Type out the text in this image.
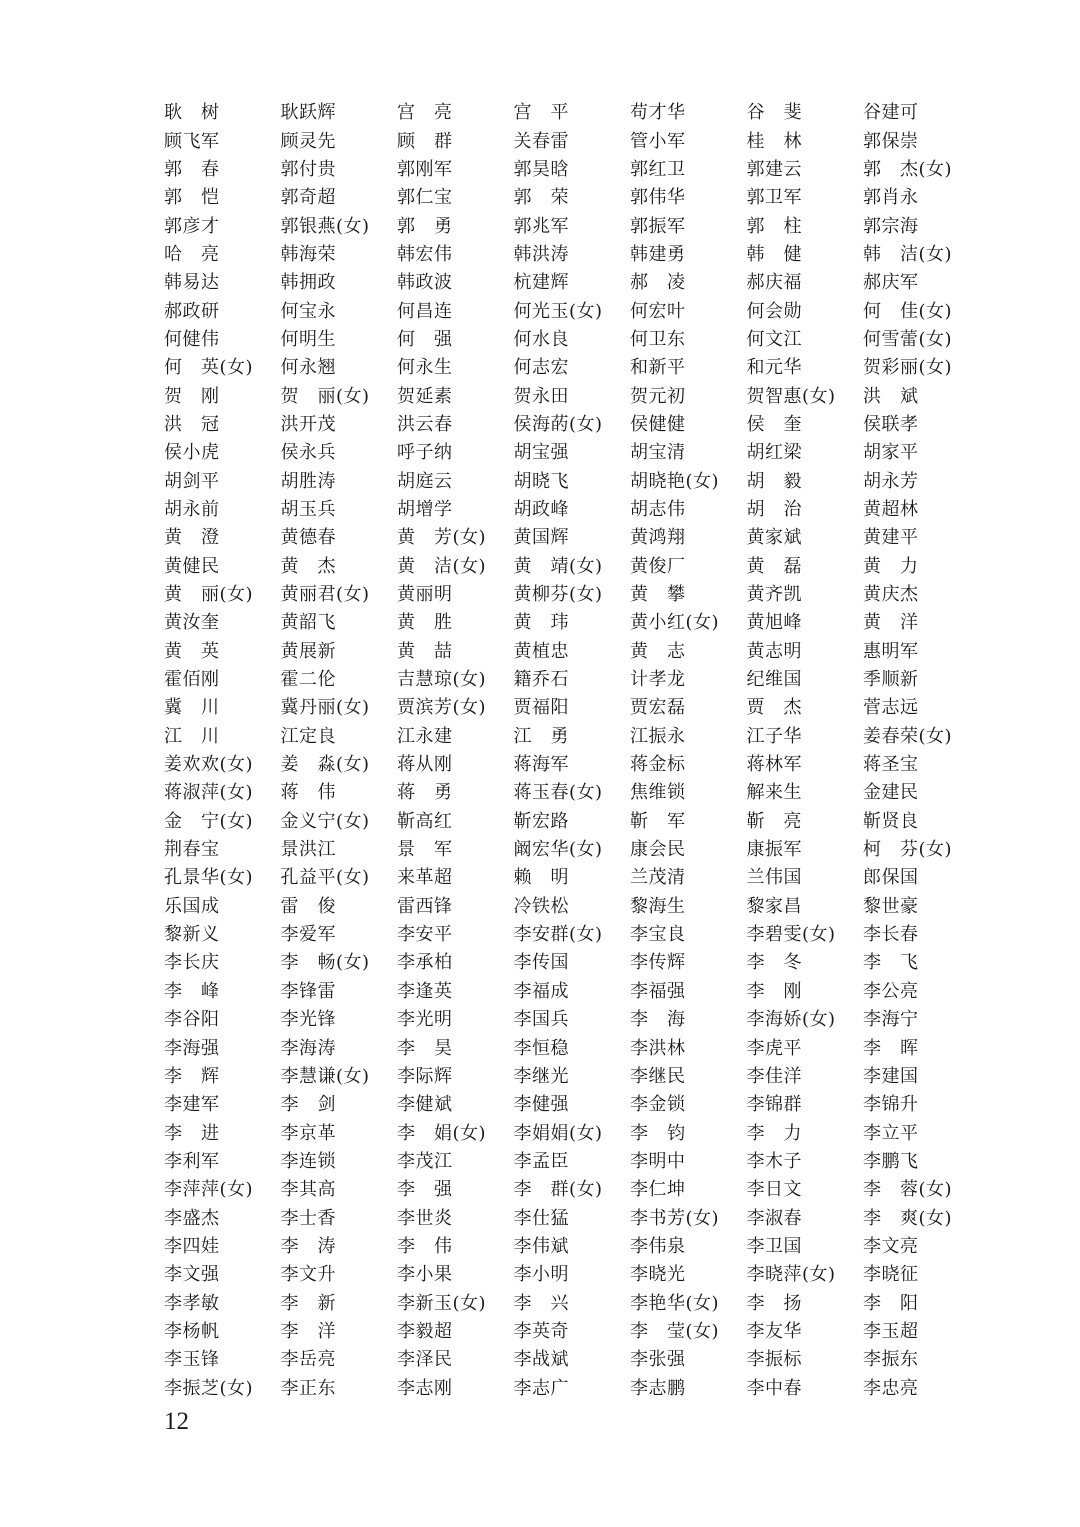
耿　树	耿跃辉	宫　亮	宫　平	苟才华	谷　斐	谷建可
顾飞军	顾灵先	顾　群	关春雷	管小军	桂　林	郭保崇
郭　春	郭付贵	郭刚军	郭昊晗	郭红卫	郭建云	郭　杰(女)
郭　恺	郭奇超	郭仁宝	郭　荣	郭伟华	郭卫军	郭肖永
郭彦才	郭银燕(女)	郭　勇	郭兆军	郭振军	郭　柱	郭宗海
哈　亮	韩海荣	韩宏伟	韩洪涛	韩建勇	韩　健	韩　洁(女)
韩易达	韩拥政	韩政波	杭建辉	郝　凌	郝庆福	郝庆军
郝政研	何宝永	何昌连	何光玉(女)	何宏叶	何会勋	何　佳(女)
何健伟	何明生	何　强	何水良	何卫东	何文江	何雪蕾(女)
何　英(女)	何永翘	何永生	何志宏	和新平	和元华	贺彩丽(女)
贺　刚	贺　丽(女)	贺延素	贺永田	贺元初	贺智惠(女)	洪　斌
洪　冠	洪开茂	洪云春	侯海菂(女)	侯健健	侯　奎	侯联孝
侯小虎	侯永兵	呼子纳	胡宝强	胡宝清	胡红梁	胡家平
胡剑平	胡胜涛	胡庭云	胡晓飞	胡晓艳(女)	胡　毅	胡永芳
胡永前	胡玉兵	胡增学	胡政峰	胡志伟	胡　治	黄超林
黄　澄	黄德春	黄　芳(女)	黄国辉	黄鸿翔	黄家斌	黄建平
黄健民	黄　杰	黄　洁(女)	黄　靖(女)	黄俊厂	黄　磊	黄　力
黄　丽(女)	黄丽君(女)	黄丽明	黄柳芬(女)	黄　攀	黄齐凯	黄庆杰
黄汝奎	黄韶飞	黄　胜	黄　玮	黄小红(女)	黄旭峰	黄　洋
黄　英	黄展新	黄　喆	黄植忠	黄　志	黄志明	惠明军
霍佰刚	霍二伦	吉慧琼(女)	籍乔石	计孝龙	纪维国	季顺新
冀　川	冀丹丽(女)	贾滨芳(女)	贾福阳	贾宏磊	贾　杰	菅志远
江　川	江定良	江永建	江　勇	江振永	江子华	姜春荣(女)
姜欢欢(女)	姜　淼(女)	蒋从刚	蒋海军	蒋金标	蒋林军	蒋圣宝
蒋淑萍(女)	蒋　伟	蒋　勇	蒋玉春(女)	焦维锁	解来生	金建民
金　宁(女)	金义宁(女)	靳高红	靳宏路	靳　军	靳　亮	靳贤良
荆春宝	景洪江	景　军	阚宏华(女)	康会民	康振军	柯　芬(女)
孔景华(女)	孔益平(女)	来革超	赖　明	兰茂清	兰伟国	郎保国
乐国成	雷　俊	雷西锋	冷铁松	黎海生	黎家昌	黎世豪
黎新义	李爱军	李安平	李安群(女)	李宝良	李碧雯(女)	李长春
李长庆	李　畅(女)	李承柏	李传国	李传辉	李　冬	李　飞
李　峰	李锋雷	李逢英	李福成	李福强	李　刚	李公亮
李谷阳	李光锋	李光明	李国兵	李　海	李海娇(女)	李海宁
李海强	李海涛	李　昊	李恒稳	李洪林	李虎平	李　晖
李　辉	李慧谦(女)	李际辉	李继光	李继民	李佳洋	李建国
李建军	李　剑	李健斌	李健强	李金锁	李锦群	李锦升
李　进	李京革	李　娟(女)	李娟娟(女)	李　钧	李　力	李立平
李利军	李连锁	李茂江	李孟臣	李明中	李木子	李鹏飞
李萍萍(女)	李其高	李　强	李　群(女)	李仁坤	李日文	李　蓉(女)
李盛杰	李士香	李世炎	李仕猛	李书芳(女)	李淑春	李　爽(女)
李四娃	李　涛	李　伟	李伟斌	李伟泉	李卫国	李文亮
李文强	李文升	李小果	李小明	李晓光	李晓萍(女)	李晓征
李孝敏	李　新	李新玉(女)	李　兴	李艳华(女)	李　扬	李　阳
李杨帆	李　洋	李毅超	李英奇	李　莹(女)	李友华	李玉超
李玉锋	李岳亮	李泽民	李战斌	李张强	李振标	李振东
李振芝(女)	李正东	李志刚	李志广	李志鹏	李中春	李忠亮
12
